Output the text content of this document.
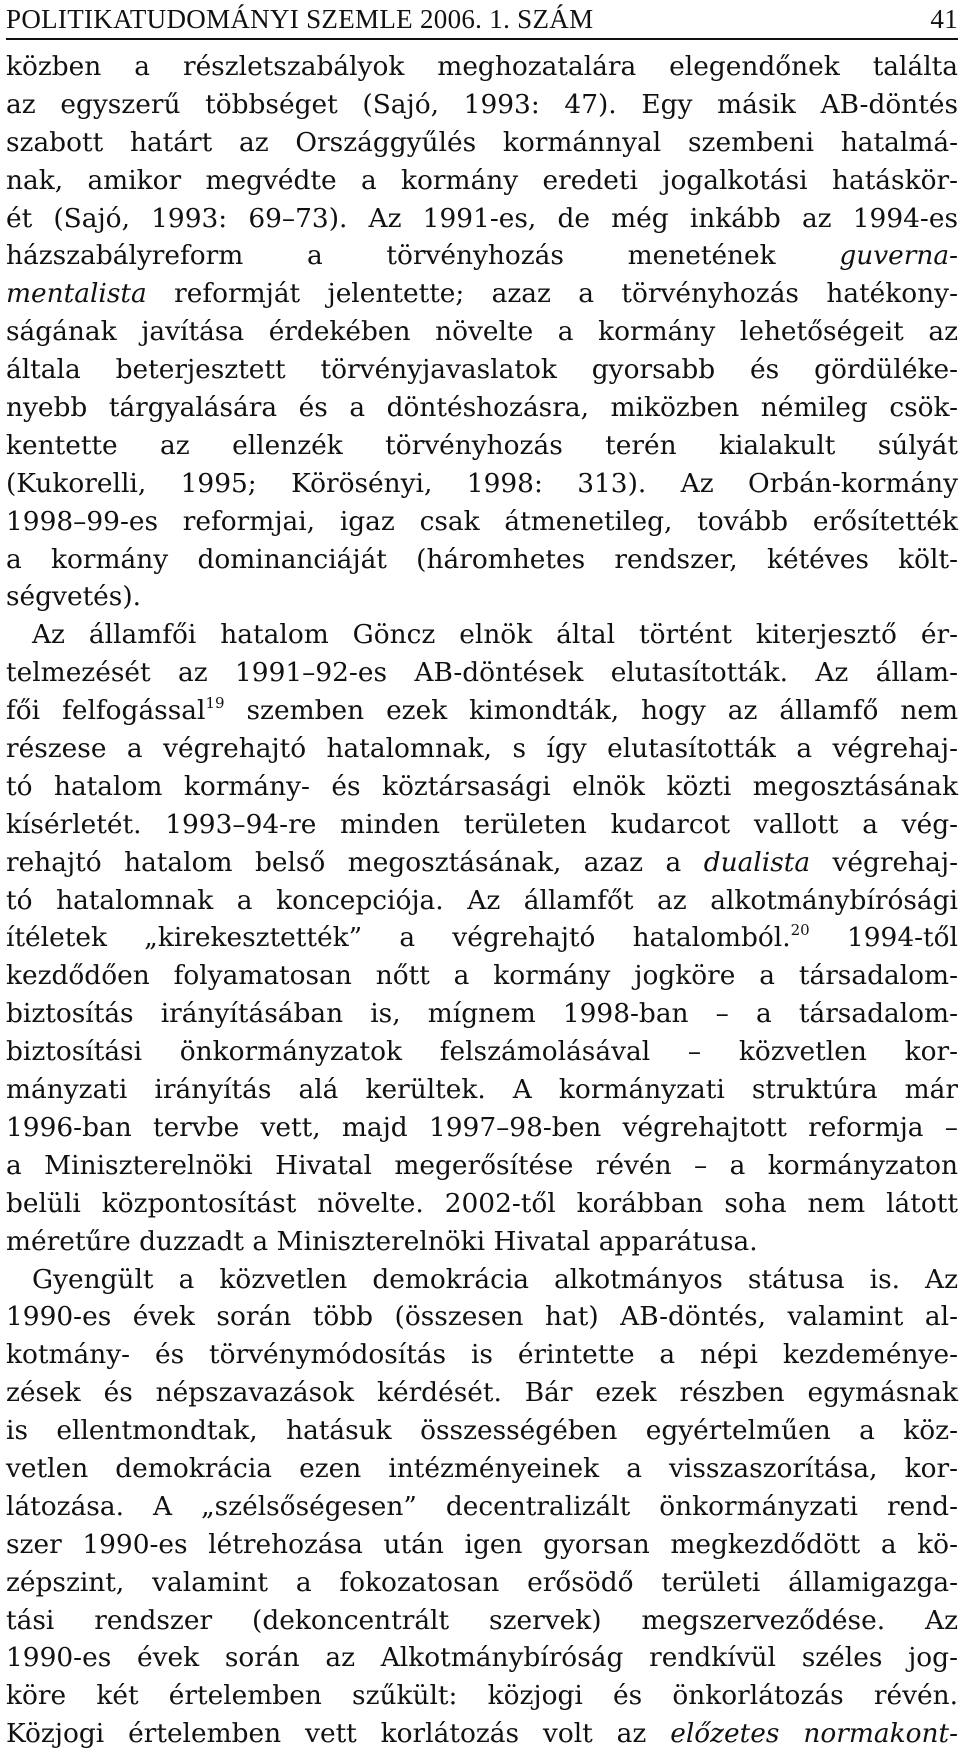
POLITIKATUDOMÁNYI SZEMLE 2006. 1. SZÁM	41
közben a részletszabályok meghozatalára elegendőnek találta
az egyszerű többséget (Sajó, 1993: 47). Egy másik AB-döntés
szabott határt az Országgyűlés kormánnyal szembeni hatalmá-
nak, amikor megvédte a kormány eredeti jogalkotási hatáskör-
ét (Sajó, 1993: 69–73). Az 1991-es, de még inkább az 1994-es
házszabályreform a törvényhozás menetének guverna-
mentalista reformját jelentette; azaz a törvényhozás hatékony-
ságának javítása érdekében növelte a kormány lehetőségeit az
általa beterjesztett törvényjavaslatok gyorsabb és gördüléke-
nyebb tárgyalására és a döntéshozásra, miközben némileg csök-
kentette az ellenzék törvényhozás terén kialakult súlyát
(Kukorelli, 1995; Körösényi, 1998: 313). Az Orbán-kormány
1998–99-es reformjai, igaz csak átmenetileg, tovább erősítették
a kormány dominanciáját (háromhetes rendszer, kétéves költ-
ségvetés).
Az államfői hatalom Göncz elnök által történt kiterjesztő ér-
telmezését az 1991–92-es AB-döntések elutasították. Az állam-
fői felfogással$^{19}$ szemben ezek kimondták, hogy az államfő nem
részese a végrehajtó hatalomnak, s így elutasították a végrehaj-
tó hatalom kormány- és köztársasági elnök közti megosztásának
kísérletét. 1993–94-re minden területen kudarcot vallott a vég-
rehajtó hatalom belső megosztásának, azaz a dualista végrehaj-
tó hatalomnak a koncepciója. Az államfőt az alkotmánybírósági
ítéletek „kirekesztették” a végrehajtó hatalomból.$^{20}$ 1994-től
kezdődően folyamatosan nőtt a kormány jogköre a társadalom-
biztosítás irányításában is, mígnem 1998-ban – a társadalom-
biztosítási önkormányzatok felszámolásával – közvetlen kor-
mányzati irányítás alá kerültek. A kormányzati struktúra már
1996-ban tervbe vett, majd 1997–98-ben végrehajtott reformja –
a Miniszterelnöki Hivatal megerősítése révén – a kormányzaton
belüli központosítást növelte. 2002-től korábban soha nem látott
méretűre duzzadt a Miniszterelnöki Hivatal apparátusa.
Gyengült a közvetlen demokrácia alkotmányos státusa is. Az
1990-es évek során több (összesen hat) AB-döntés, valamint al-
kotmány- és törvénymódosítás is érintette a népi kezdeménye-
zések és népszavazások kérdését. Bár ezek részben egymásnak
is ellentmondtak, hatásuk összességében egyértelműen a köz-
vetlen demokrácia ezen intézményeinek a visszaszorítása, kor-
látozása. A „szélsőségesen” decentralizált önkormányzati rend-
szer 1990-es létrehozása után igen gyorsan megkezdődött a kö-
zépszint, valamint a fokozatosan erősödő területi államigazga-
tási rendszer (dekoncentrált szervek) megszerveződése. Az
1990-es évek során az Alkotmánybíróság rendkívül széles jog-
köre két értelemben szűkült: közjogi és önkorlátozás révén.
Közjogi értelemben vett korlátozás volt az előzetes normakont-
